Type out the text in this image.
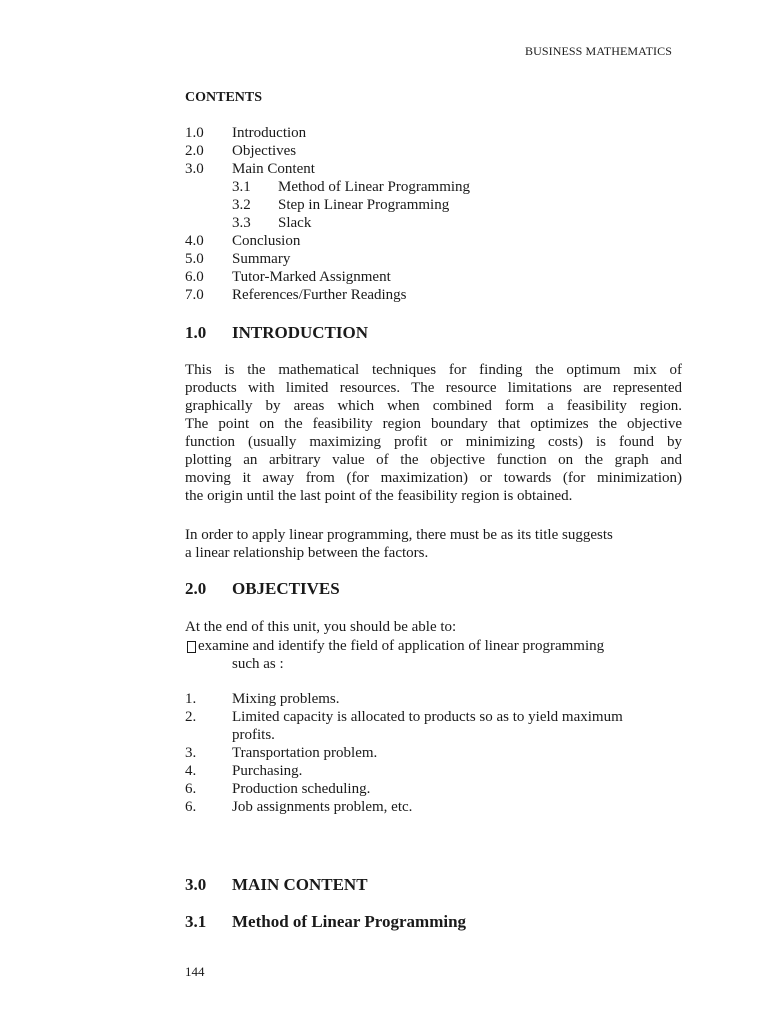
BUSINESS MATHEMATICS
CONTENTS
1.0 Introduction
2.0 Objectives
3.0 Main Content
3.1 Method of Linear Programming
3.2 Step in Linear Programming
3.3 Slack
4.0 Conclusion
5.0 Summary
6.0 Tutor-Marked Assignment
7.0 References/Further Readings
1.0 INTRODUCTION
This is the mathematical techniques for finding the optimum mix of
products with limited resources. The resource limitations are represented
graphically by areas which when combined form a feasibility region.
The point on the feasibility region boundary that optimizes the objective
function (usually maximizing profit or minimizing costs) is found by
plotting an arbitrary value of the objective function on the graph and
moving it away from (for maximization) or towards (for minimization)
the origin until the last point of the feasibility region is obtained.
In order to apply linear programming, there must be as its title suggests
a linear relationship between the factors.
2.0 OBJECTIVES
At the end of this unit, you should be able to:
examine and identify the field of application of linear programming
such as :
1. Mixing problems.
2. Limited capacity is allocated to products so as to yield maximum
profits.
3. Transportation problem.
4. Purchasing.
6. Production scheduling.
6. Job assignments problem, etc.
3.0 MAIN CONTENT
3.1 Method of Linear Programming
144
